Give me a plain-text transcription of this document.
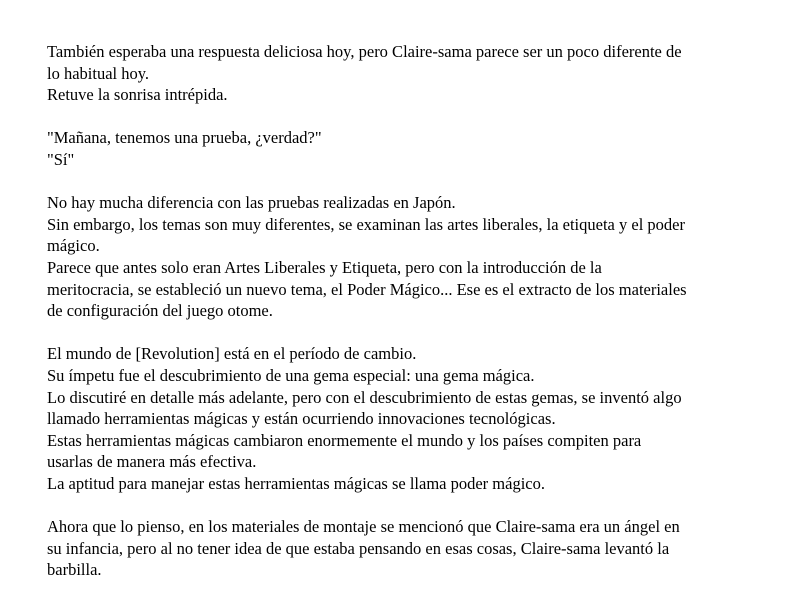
También esperaba una respuesta deliciosa hoy, pero Claire-sama parece ser un poco diferente de
lo habitual hoy.
Retuve la sonrisa intrépida.

"Mañana, tenemos una prueba, ¿verdad?"
"Sí"

No hay mucha diferencia con las pruebas realizadas en Japón.
Sin embargo, los temas son muy diferentes, se examinan las artes liberales, la etiqueta y el poder
mágico.
Parece que antes solo eran Artes Liberales y Etiqueta, pero con la introducción de la
meritocracia, se estableció un nuevo tema, el Poder Mágico... Ese es el extracto de los materiales
de configuración del juego otome.

El mundo de [Revolution] está en el período de cambio.
Su ímpetu fue el descubrimiento de una gema especial: una gema mágica.
Lo discutiré en detalle más adelante, pero con el descubrimiento de estas gemas, se inventó algo
llamado herramientas mágicas y están ocurriendo innovaciones tecnológicas.
Estas herramientas mágicas cambiaron enormemente el mundo y los países compiten para
usarlas de manera más efectiva.
La aptitud para manejar estas herramientas mágicas se llama poder mágico.

Ahora que lo pienso, en los materiales de montaje se mencionó que Claire-sama era un ángel en
su infancia, pero al no tener idea de que estaba pensando en esas cosas, Claire-sama levantó la
barbilla.
